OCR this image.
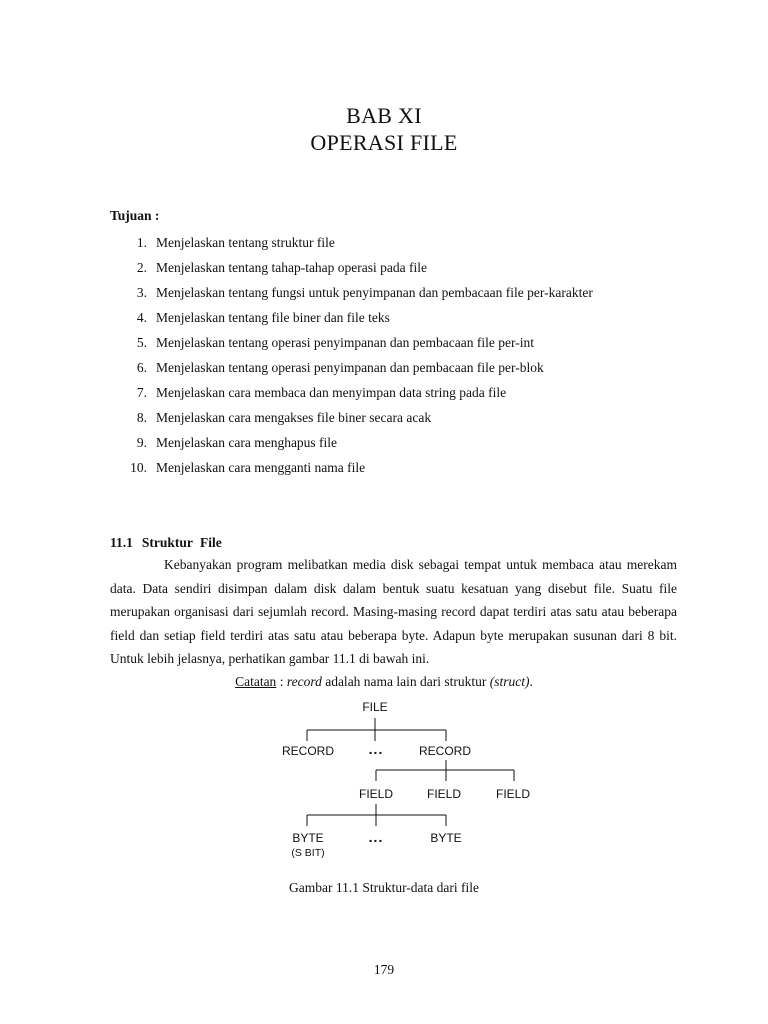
BAB XI
OPERASI FILE
Tujuan :
1. Menjelaskan tentang struktur file
2. Menjelaskan tentang tahap-tahap operasi pada file
3. Menjelaskan tentang fungsi untuk penyimpanan dan pembacaan file per-karakter
4. Menjelaskan tentang file biner dan file teks
5. Menjelaskan tentang operasi penyimpanan dan pembacaan file per-int
6. Menjelaskan tentang operasi penyimpanan dan pembacaan file per-blok
7. Menjelaskan cara membaca dan menyimpan data string pada file
8. Menjelaskan cara mengakses file biner secara acak
9. Menjelaskan cara menghapus file
10. Menjelaskan cara mengganti nama file
11.1 Struktur File

Kebanyakan program melibatkan media disk sebagai tempat untuk membaca atau merekam data. Data sendiri disimpan dalam disk dalam bentuk suatu kesatuan yang disebut file. Suatu file merupakan organisasi dari sejumlah record. Masing-masing record dapat terdiri atas satu atau beberapa field dan setiap field terdiri atas satu atau beberapa byte. Adapun byte merupakan susunan dari 8 bit. Untuk lebih jelasnya, perhatikan gambar 11.1 di bawah ini.

Catatan : record adalah nama lain dari struktur (struct).
FILE
RECORD ...	RECORD
FIELD	FIELD	FIELD
BYTE
(S BIT)
...	BYTE
Gambar 11.1 Struktur-data dari file
179
